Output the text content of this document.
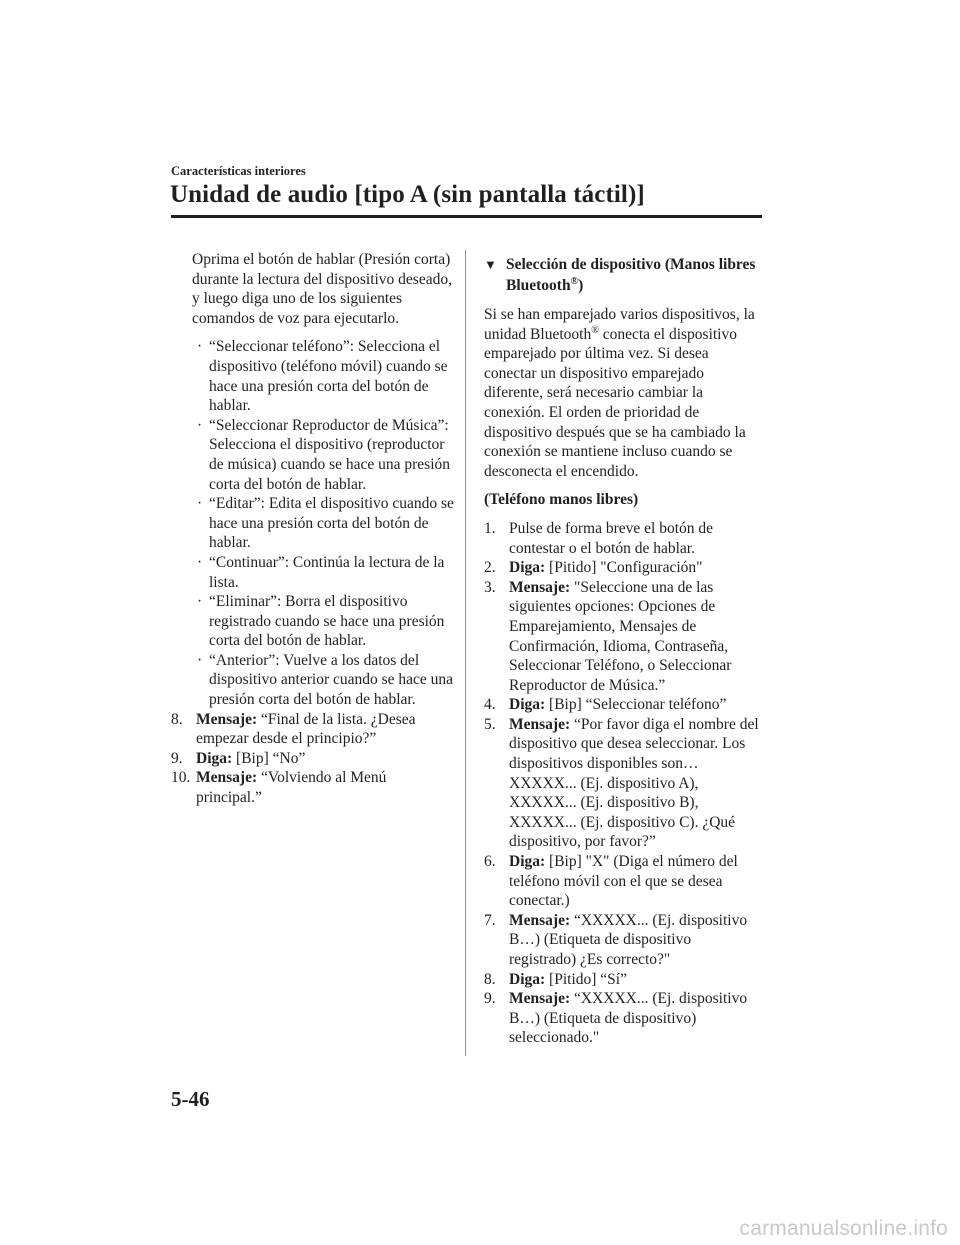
Características interiores
Unidad de audio [tipo A (sin pantalla táctil)]

Oprima el botón de hablar (Presión corta) durante la lectura del dispositivo deseado, y luego diga uno de los siguientes comandos de voz para ejecutarlo.

· “Seleccionar teléfono”: Selecciona el dispositivo (teléfono móvil) cuando se hace una presión corta del botón de hablar.
· “Seleccionar Reproductor de Música”: Selecciona el dispositivo (reproductor de música) cuando se hace una presión corta del botón de hablar.
· “Editar”: Edita el dispositivo cuando se hace una presión corta del botón de hablar.
· “Continuar”: Continúa la lectura de la lista.
· “Eliminar”: Borra el dispositivo registrado cuando se hace una presión corta del botón de hablar.
· “Anterior”: Vuelve a los datos del dispositivo anterior cuando se hace una presión corta del botón de hablar.
8. Mensaje: “Final de la lista. ¿Desea empezar desde el principio?”
9. Diga: [Bip] “No”
10. Mensaje: “Volviendo al Menú principal.”
▼ Selección de dispositivo (Manos libres Bluetooth®)

Si se han emparejado varios dispositivos, la unidad Bluetooth® conecta el dispositivo emparejado por última vez. Si desea conectar un dispositivo emparejado diferente, será necesario cambiar la conexión. El orden de prioridad de dispositivo después que se ha cambiado la conexión se mantiene incluso cuando se desconecta el encendido.

(Teléfono manos libres)

1. Pulse de forma breve el botón de contestar o el botón de hablar.
2. Diga: [Pitido] "Configuración"
3. Mensaje: "Seleccione una de las siguientes opciones: Opciones de Emparejamiento, Mensajes de Confirmación, Idioma, Contraseña, Seleccionar Teléfono, o Seleccionar Reproductor de Música.”
4. Diga: [Bip] “Seleccionar teléfono”
5. Mensaje: “Por favor diga el nombre del dispositivo que desea seleccionar. Los dispositivos disponibles son… XXXXX... (Ej. dispositivo A), XXXXX... (Ej. dispositivo B), XXXXX... (Ej. dispositivo C). ¿Qué dispositivo, por favor?”
6. Diga: [Bip] "X" (Diga el número del teléfono móvil con el que se desea conectar.)
7. Mensaje: “XXXXX... (Ej. dispositivo B…) (Etiqueta de dispositivo registrado) ¿Es correcto?"
8. Diga: [Pitido] “Sí”
9. Mensaje: “XXXXX... (Ej. dispositivo B…) (Etiqueta de dispositivo) seleccionado."
5-46
carmanualsonline.info
